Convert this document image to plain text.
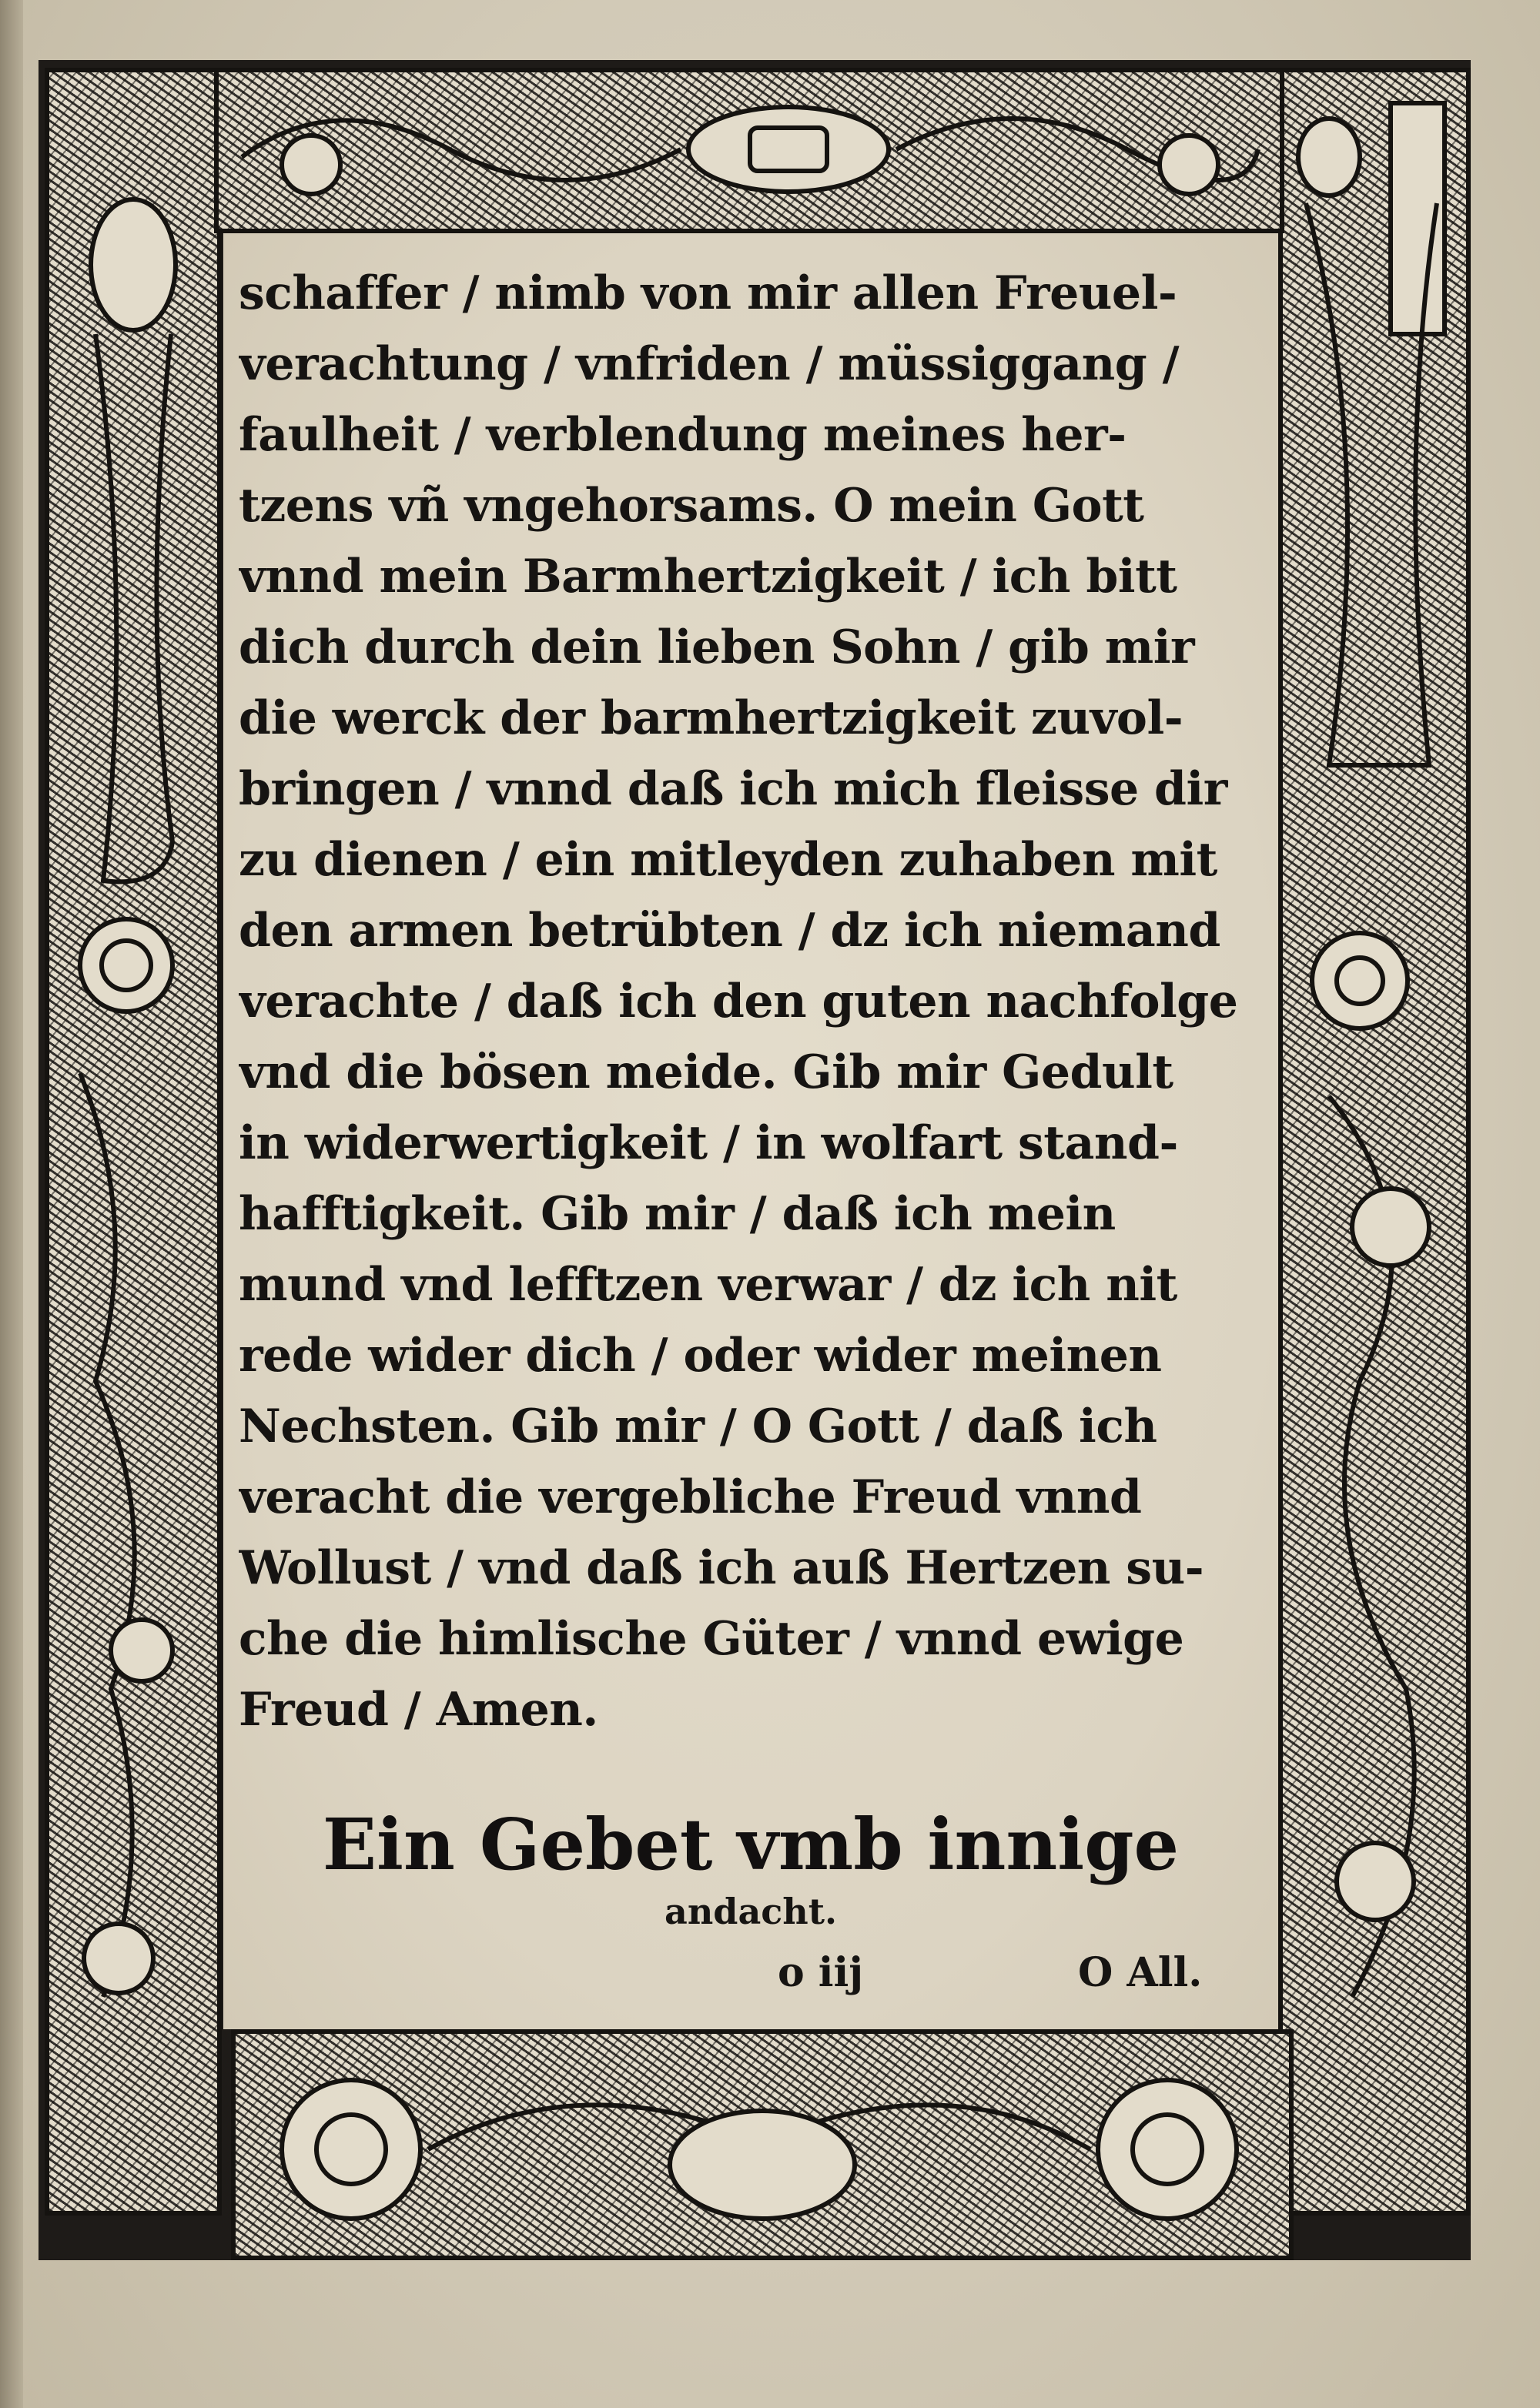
schaffer / nimb von mir allen Freuel-
verachtung / vnfriden / müssiggang /
faulheit / verblendung meines her-
tzens vñ vngehorsams. O mein Gott
vnnd mein Barmhertzigkeit / ich bitt
dich durch dein lieben Sohn / gib mir
die werck der barmhertzigkeit zuvol-
bringen / vnnd daß ich mich fleisse dir
zu dienen / ein mitleyden zuhaben mit
den armen betrübten / dz ich niemand
verachte / daß ich den guten nachfolge
vnd die bösen meide. Gib mir Gedult
in widerwertigkeit / in wolfart stand-
hafftigkeit. Gib mir / daß ich mein
mund vnd lefftzen verwar / dz ich nit
rede wider dich / oder wider meinen
Nechsten. Gib mir / O Gott / daß ich
veracht die vergebliche Freud vnnd
Wollust / vnd daß ich auß Hertzen su-
che die himlische Güter / vnnd ewige
Freud / Amen.
Ein Gebet vmb innige
andacht.
o iij	O All.
